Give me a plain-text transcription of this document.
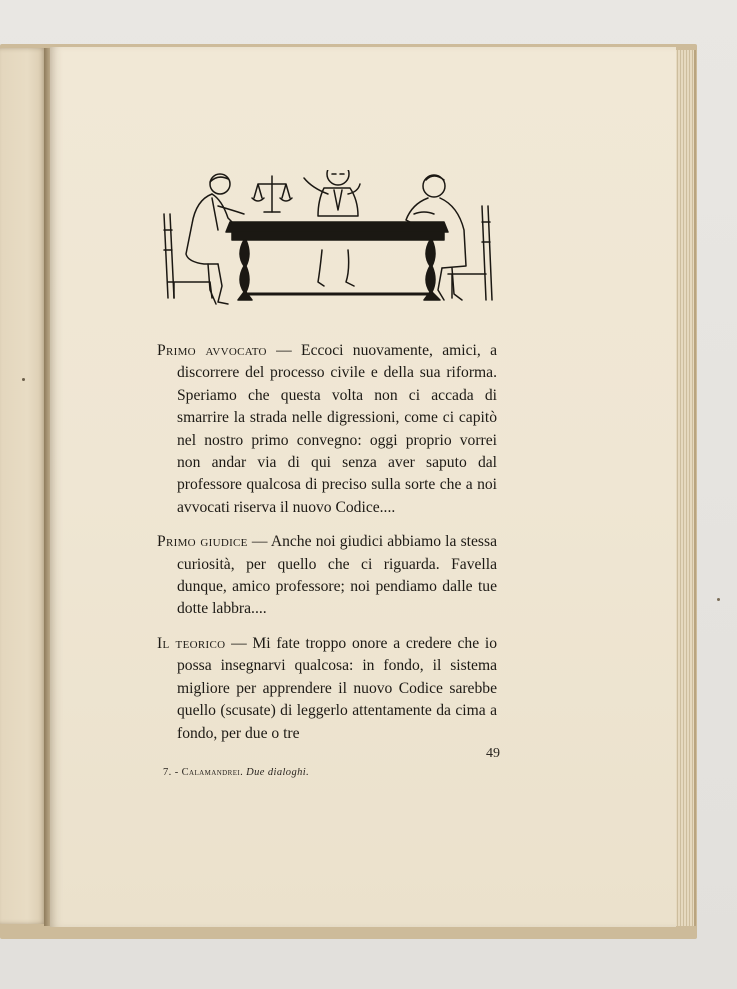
Primo avvocato — Eccoci nuovamente, amici, a discorrere del processo civile e della sua riforma. Speriamo che questa volta non ci accada di smarrire la strada nelle digressioni, come ci capitò nel nostro primo convegno: oggi proprio vorrei non andar via di qui senza aver saputo dal professore qualcosa di preciso sulla sorte che a noi avvocati riserva il nuovo Codice....

Primo giudice — Anche noi giudici abbiamo la stessa curiosità, per quello che ci riguarda. Favella dunque, amico professore; noi pendiamo dalle tue dotte labbra....

Il teorico — Mi fate troppo onore a credere che io possa insegnarvi qualcosa: in fondo, il sistema migliore per apprendere il nuovo Codice sarebbe quello (scusate) di leggerlo attentamente da cima a fondo, per due o tre

49
7. - Calamandrei. Due dialoghi.
